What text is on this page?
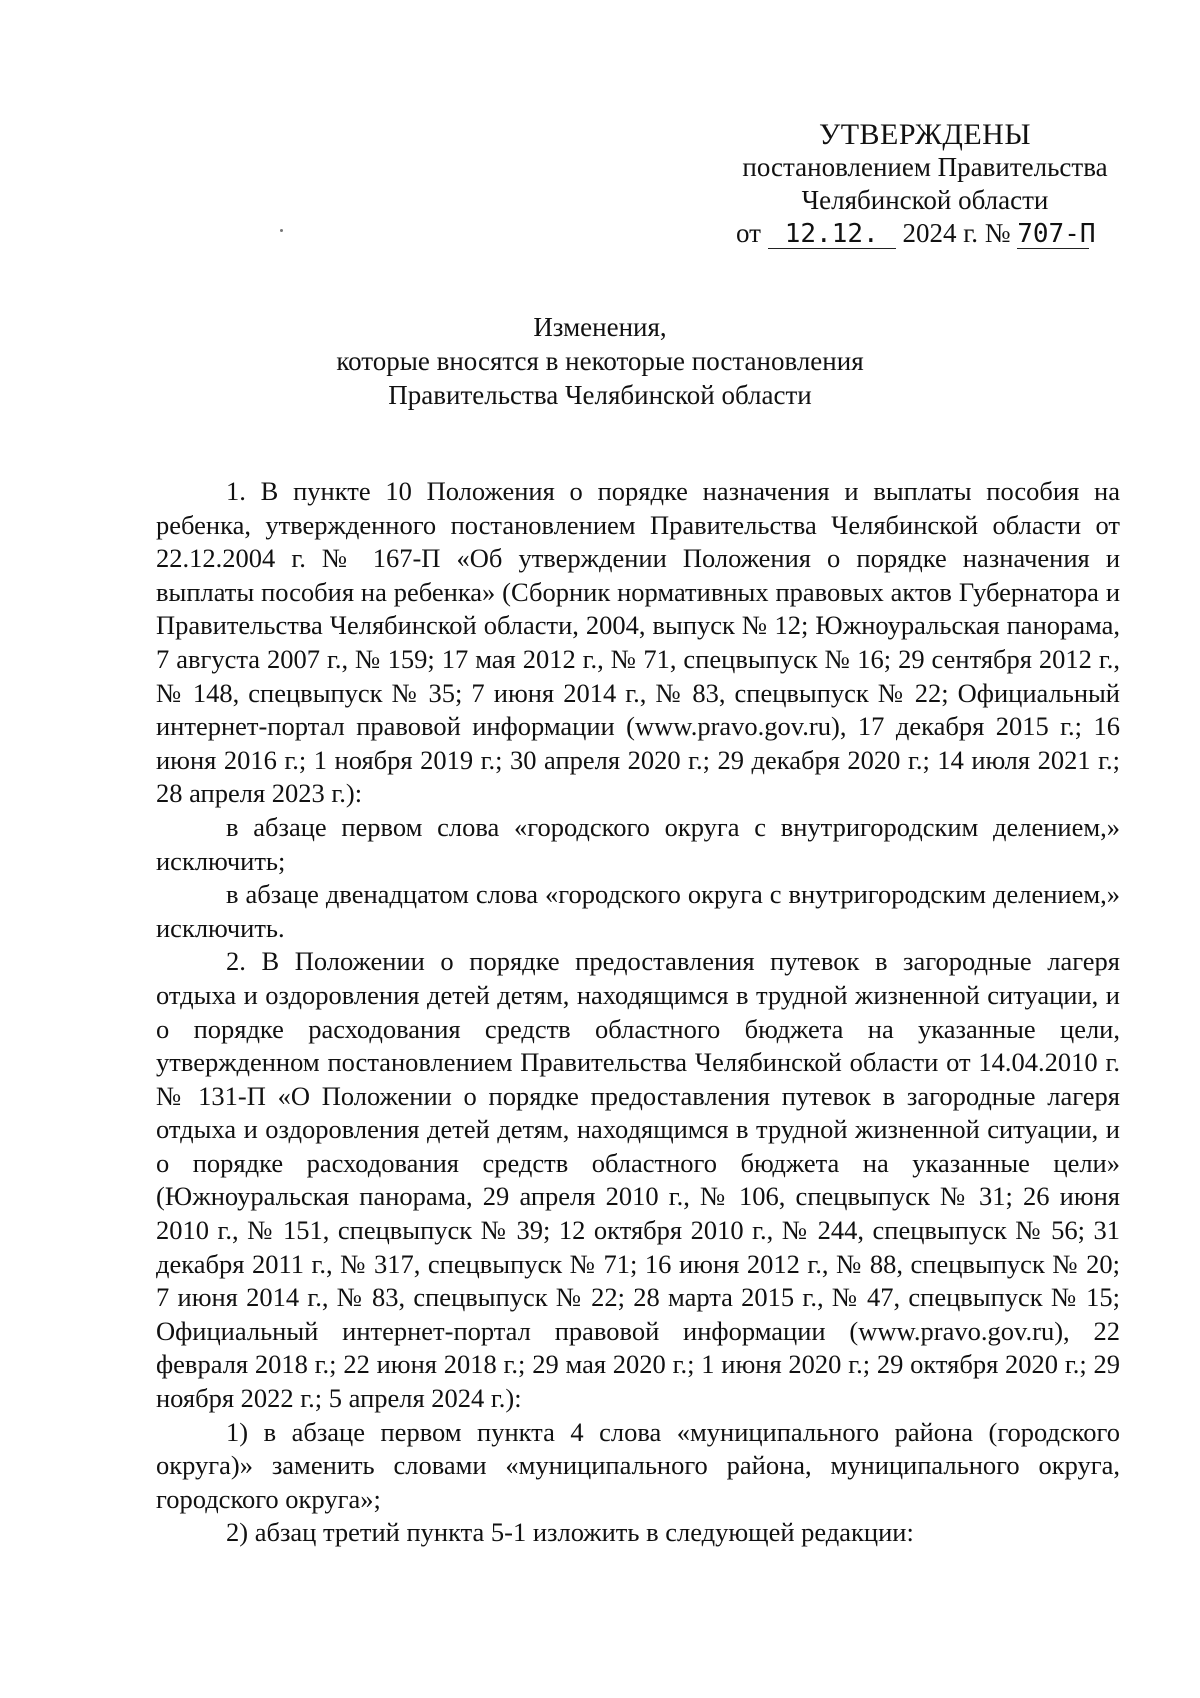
УТВЕРЖДЕНЫ
постановлением Правительства
Челябинской области
от 12.12. 2024 г. № 707-П
Изменения,
которые вносятся в некоторые постановления
Правительства Челябинской области

1. В пункте 10 Положения о порядке назначения и выплаты пособия на ребенка, утвержденного постановлением Правительства Челябинской области от 22.12.2004 г. № 167-П «Об утверждении Положения о порядке назначения и выплаты пособия на ребенка» (Сборник нормативных правовых актов Губернатора и Правительства Челябинской области, 2004, выпуск № 12; Южноуральская панорама, 7 августа 2007 г., № 159; 17 мая 2012 г., № 71, спецвыпуск № 16; 29 сентября 2012 г., № 148, спецвыпуск № 35; 7 июня 2014 г., № 83, спецвыпуск № 22; Официальный интернет-портал правовой информации (www.pravo.gov.ru), 17 декабря 2015 г.; 16 июня 2016 г.; 1 ноября 2019 г.; 30 апреля 2020 г.; 29 декабря 2020 г.; 14 июля 2021 г.; 28 апреля 2023 г.):

в абзаце первом слова «городского округа с внутригородским делением,» исключить;

в абзаце двенадцатом слова «городского округа с внутригородским делением,» исключить.

2. В Положении о порядке предоставления путевок в загородные лагеря отдыха и оздоровления детей детям, находящимся в трудной жизненной ситуации, и о порядке расходования средств областного бюджета на указанные цели, утвержденном постановлением Правительства Челябинской области от 14.04.2010 г. № 131-П «О Положении о порядке предоставления путевок в загородные лагеря отдыха и оздоровления детей детям, находящимся в трудной жизненной ситуации, и о порядке расходования средств областного бюджета на указанные цели» (Южноуральская панорама, 29 апреля 2010 г., № 106, спецвыпуск № 31; 26 июня 2010 г., № 151, спецвыпуск № 39; 12 октября 2010 г., № 244, спецвыпуск № 56; 31 декабря 2011 г., № 317, спецвыпуск № 71; 16 июня 2012 г., № 88, спецвыпуск № 20; 7 июня 2014 г., № 83, спецвыпуск № 22; 28 марта 2015 г., № 47, спецвыпуск № 15; Официальный интернет-портал правовой информации (www.pravo.gov.ru), 22 февраля 2018 г.; 22 июня 2018 г.; 29 мая 2020 г.; 1 июня 2020 г.; 29 октября 2020 г.; 29 ноября 2022 г.; 5 апреля 2024 г.):

1) в абзаце первом пункта 4 слова «муниципального района (городского округа)» заменить словами «муниципального района, муниципального округа, городского округа»;

2) абзац третий пункта 5-1 изложить в следующей редакции:
